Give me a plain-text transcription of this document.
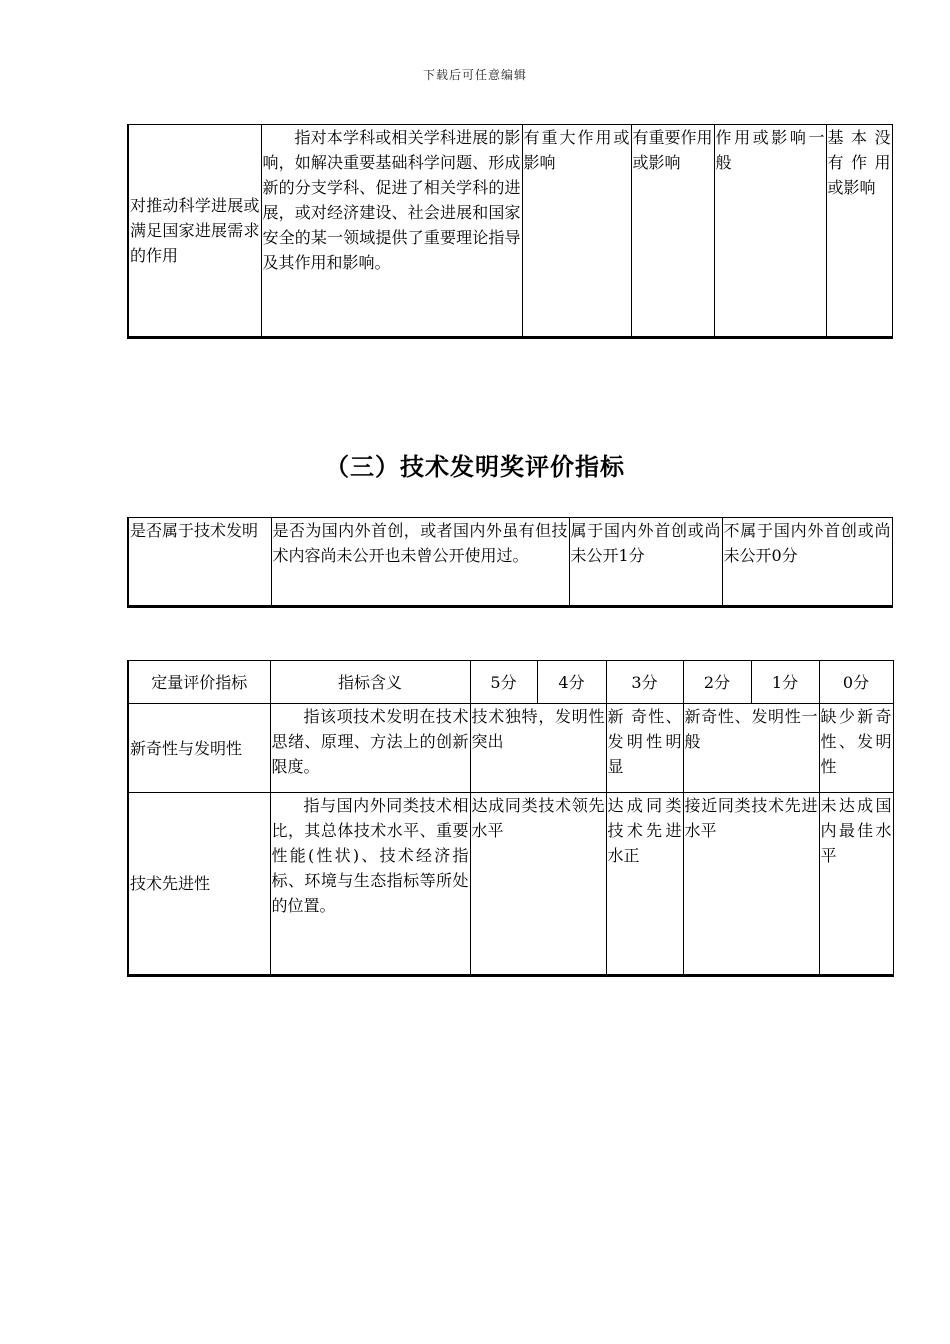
下载后可任意编辑
对推动科学进展或满足国家进展需求的作用	指对本学科或相关学科进展的影响，如解决重要基础科学问题、形成新的分支学科、促进了相关学科的进展，或对经济建设、社会进展和国家安全的某一领域提供了重要理论指导及其作用和影响。	有重大作用或影响	有重要作用或影响	作用或影响一般	基本没有作用或影响
（三）技术发明奖评价指标
是否属于技术发明	是否为国内外首创，或者国内外虽有但技术内容尚未公开也未曾公开使用过。	属于国内外首创或尚未公开1分	不属于国内外首创或尚未公开0分
定量评价指标	指标含义	5分	4分	3分	2分	1分	0分
新奇性与发明性	指该项技术发明在技术思绪、原理、方法上的创新限度。	技术独特，发明性突出		新 奇性、发明性明显	新奇性、发明性一般		缺少新奇性、发明性
技术先进性	指与国内外同类技术相比，其总体技术水平、重要性能(性状)、技术经济指标、环境与生态指标等所处的位置。	达成同类技术领先水平		达成同类技术先进水正	接近同类技术先进水平		未达成国内最佳水平
